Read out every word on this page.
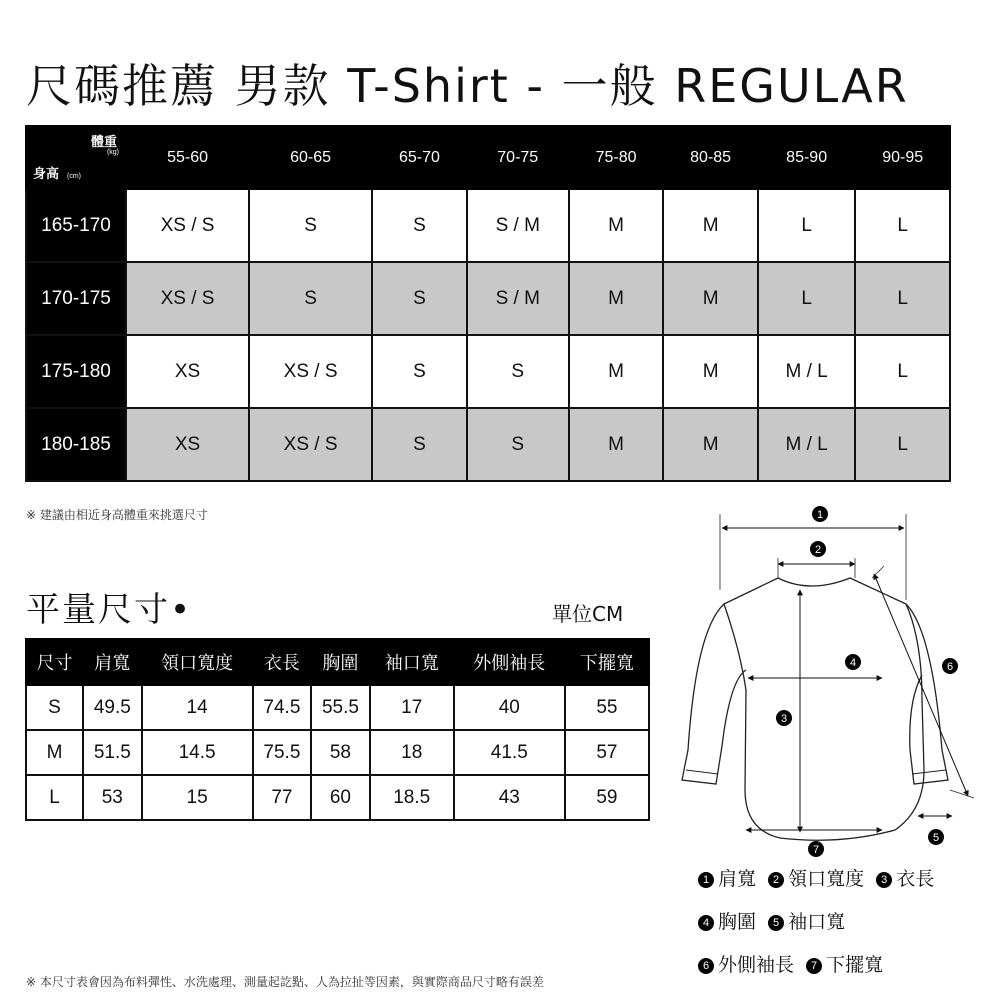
尺碼推薦 男款 T-Shirt - 一般 REGULAR
體重
(kg)
身高 (cm)	55-60	60-65	65-70	70-75	75-80	80-85	85-90	90-95
165-170	XS / S	S	S	S / M	M	M	L	L
170-175	XS / S	S	S	S / M	M	M	L	L
175-180	XS	XS / S	S	S	M	M	M / L	L
180-185	XS	XS / S	S	S	M	M	M / L	L
※ 建議由相近身高體重來挑選尺寸
平量尺寸•	單位CM
尺寸	肩寬	領口寬度	衣長	胸圍	袖口寬	外側袖長	下擺寬
S	49.5	14	74.5	55.5	17	40	55
M	51.5	14.5	75.5	58	18	41.5	57
L	53	15	77	60	18.5	43	59
1
2
3
4
5
6
7
1 肩寬 2 領口寬度 3 衣長
4 胸圍 5 袖口寬
6 外側袖長 7 下擺寬
※ 本尺寸表會因為布料彈性、水洗處理、測量起訖點、人為拉扯等因素，與實際商品尺寸略有誤差
